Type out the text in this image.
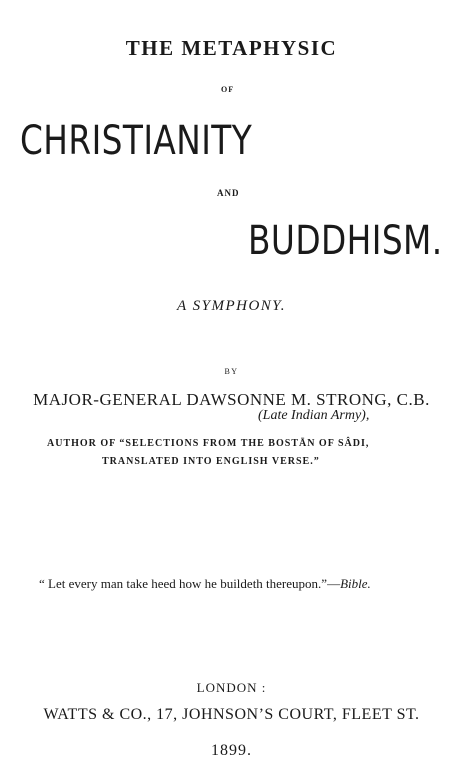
THE METAPHYSIC
OF
CHRISTIANITY
AND
BUDDHISM.
A SYMPHONY.
BY
MAJOR-GENERAL DAWSONNE M. STRONG, C.B.
(Late Indian Army),
AUTHOR OF “SELECTIONS FROM THE BOSTĀN OF SÂDI,
TRANSLATED INTO ENGLISH VERSE.”
“ Let every man take heed how he buildeth thereupon.”—Bible.
LONDON :
WATTS & CO., 17, JOHNSON’S COURT, FLEET ST.
1899.
